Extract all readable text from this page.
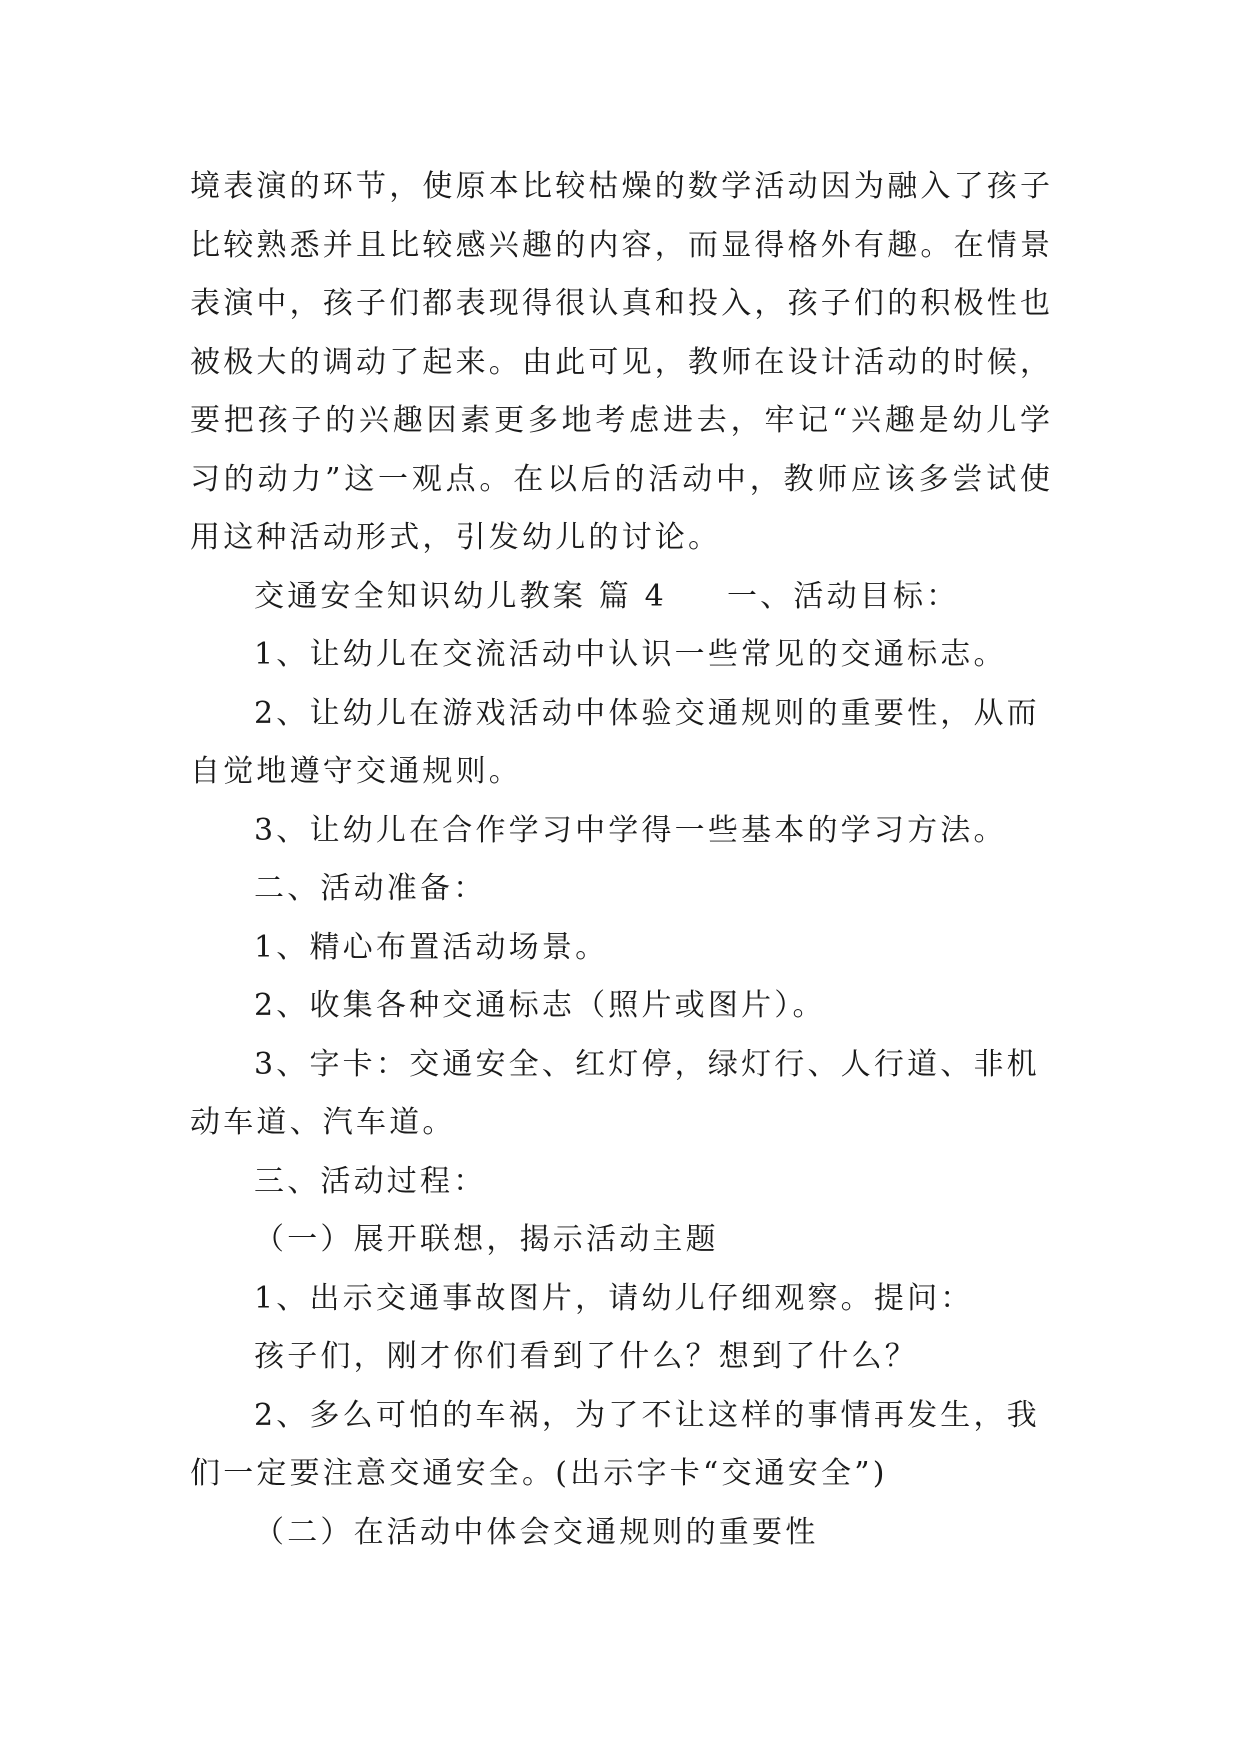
境表演的环节，使原本比较枯燥的数学活动因为融入了孩子
比较熟悉并且比较感兴趣的内容，而显得格外有趣。在情景
表演中，孩子们都表现得很认真和投入，孩子们的积极性也
被极大的调动了起来。由此可见，教师在设计活动的时候，
要把孩子的兴趣因素更多地考虑进去，牢记“兴趣是幼儿学
习的动力”这一观点。在以后的活动中，教师应该多尝试使
用这种活动形式，引发幼儿的讨论。
交通安全知识幼儿教案 篇 4 一、活动目标：
1、让幼儿在交流活动中认识一些常见的交通标志。
2、让幼儿在游戏活动中体验交通规则的重要性，从而
自觉地遵守交通规则。
3、让幼儿在合作学习中学得一些基本的学习方法。
二、活动准备：
1、精心布置活动场景。
2、收集各种交通标志（照片或图片）。
3、字卡：交通安全、红灯停，绿灯行、人行道、非机
动车道、汽车道。
三、活动过程：
（一）展开联想，揭示活动主题
1、出示交通事故图片，请幼儿仔细观察。提问：
孩子们，刚才你们看到了什么？想到了什么？
2、多么可怕的车祸，为了不让这样的事情再发生，我
们一定要注意交通安全。(出示字卡“交通安全”)
（二）在活动中体会交通规则的重要性
